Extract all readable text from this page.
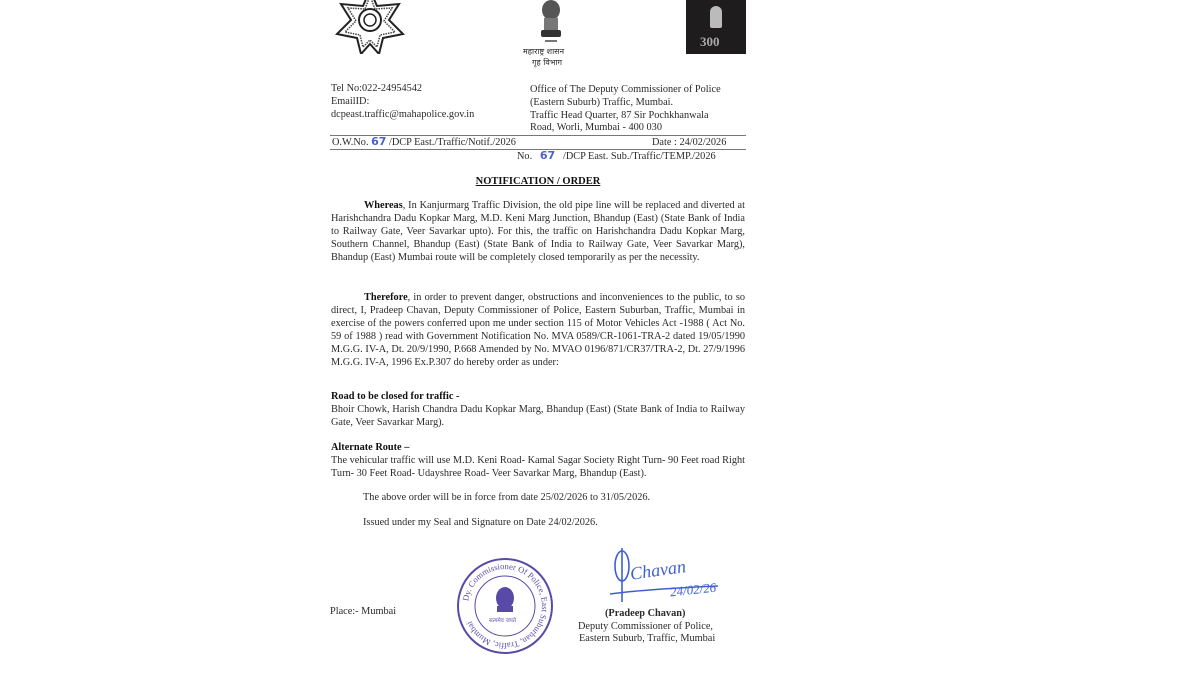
महाराष्ट्र शासन
गृह विभाग
300
Tel No:022-24954542
EmailID:
dcpeast.traffic@mahapolice.gov.in
Office of The Deputy Commissioner of Police
(Eastern Suburb) Traffic, Mumbai.
Traffic Head Quarter, 87 Sir Pochkhanwala
Road, Worli, Mumbai - 400 030
O.W.No. 67 /DCP East./Traffic/Notif./2026	Date : 24/02/2026
No. 67 /DCP East. Sub./Traffic/TEMP./2026
NOTIFICATION / ORDER
Whereas, In Kanjurmarg Traffic Division, the old pipe line will be replaced and diverted at Harishchandra Dadu Kopkar Marg, M.D. Keni Marg Junction, Bhandup (East) (State Bank of India to Railway Gate, Veer Savarkar upto). For this, the traffic on Harishchandra Dadu Kopkar Marg, Southern Channel, Bhandup (East) (State Bank of India to Railway Gate, Veer Savarkar Marg), Bhandup (East) Mumbai route will be completely closed temporarily as per the necessity.
Therefore, in order to prevent danger, obstructions and inconveniences to the public, to so direct, I, Pradeep Chavan, Deputy Commissioner of Police, Eastern Suburban, Traffic, Mumbai in exercise of the powers conferred upon me under section 115 of Motor Vehicles Act -1988 ( Act No. 59 of 1988 ) read with Government Notification No. MVA 0589/CR-1061-TRA-2 dated 19/05/1990 M.G.G. IV-A, Dt. 20/9/1990, P.668 Amended by No. MVAO 0196/871/CR37/TRA-2, Dt. 27/9/1996 M.G.G. IV-A, 1996 Ex.P.307 do hereby order as under:
Road to be closed for traffic -
Bhoir Chowk, Harish Chandra Dadu Kopkar Marg, Bhandup (East) (State Bank of India to Railway Gate, Veer Savarkar Marg).
Alternate Route –
The vehicular traffic will use M.D. Keni Road- Kamal Sagar Society Right Turn- 90 Feet road Right Turn- 30 Feet Road- Udayshree Road- Veer Savarkar Marg, Bhandup (East).
The above order will be in force from date 25/02/2026 to 31/05/2026.
Issued under my Seal and Signature on Date 24/02/2026.
Place:- Mumbai
Dy. Commissioner Of Police, East Suburban, Traffic, Mumbai	सत्यमेव जयते
Chavan
24/02/26
(Pradeep Chavan)
Deputy Commissioner of Police,
Eastern Suburb, Traffic, Mumbai
